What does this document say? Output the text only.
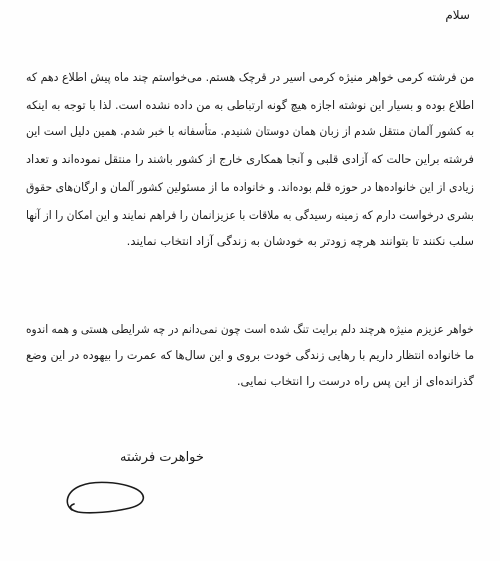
سلام
من فرشته کرمی خواهر منیژه کرمی اسیر در قرچک هستم. می‌خواستم چند ماه پیش اطلاع دهم که
اطلاع بوده و بسیار این نوشته اجازه هیچ گونه ارتباطی به من داده نشده است. لذا با توجه به اینکه
به کشور آلمان منتقل شدم از زبان همان دوستان شنیدم. متأسفانه با خبر شدم. همین دلیل است این
فرشته براین حالت که آزادی قلبی و آنجا همکاری خارج از کشور باشند را منتقل نموده‌اند و تعداد
زیادی از این خانواده‌ها در حوزه قلم بوده‌اند. و خانواده ما از مسئولین کشور آلمان و ارگان‌های حقوق
بشری درخواست دارم که زمینه رسیدگی به ملاقات با عزیزانمان را فراهم نمایند و این امکان را از آنها
سلب نکنند تا بتوانند هرچه زودتر به خودشان به زندگی آزاد انتخاب نمایند.
خواهر عزیزم منیژه هرچند دلم برایت تنگ شده است چون نمی‌دانم در چه شرایطی هستی و همه اندوه
ما خانواده انتظار داریم با رهایی زندگی خودت بروی و این سال‌ها که عمرت را بیهوده در این وضع
گذرانده‌ای از این پس راه درست را انتخاب نمایی.
خواهرت فرشته
